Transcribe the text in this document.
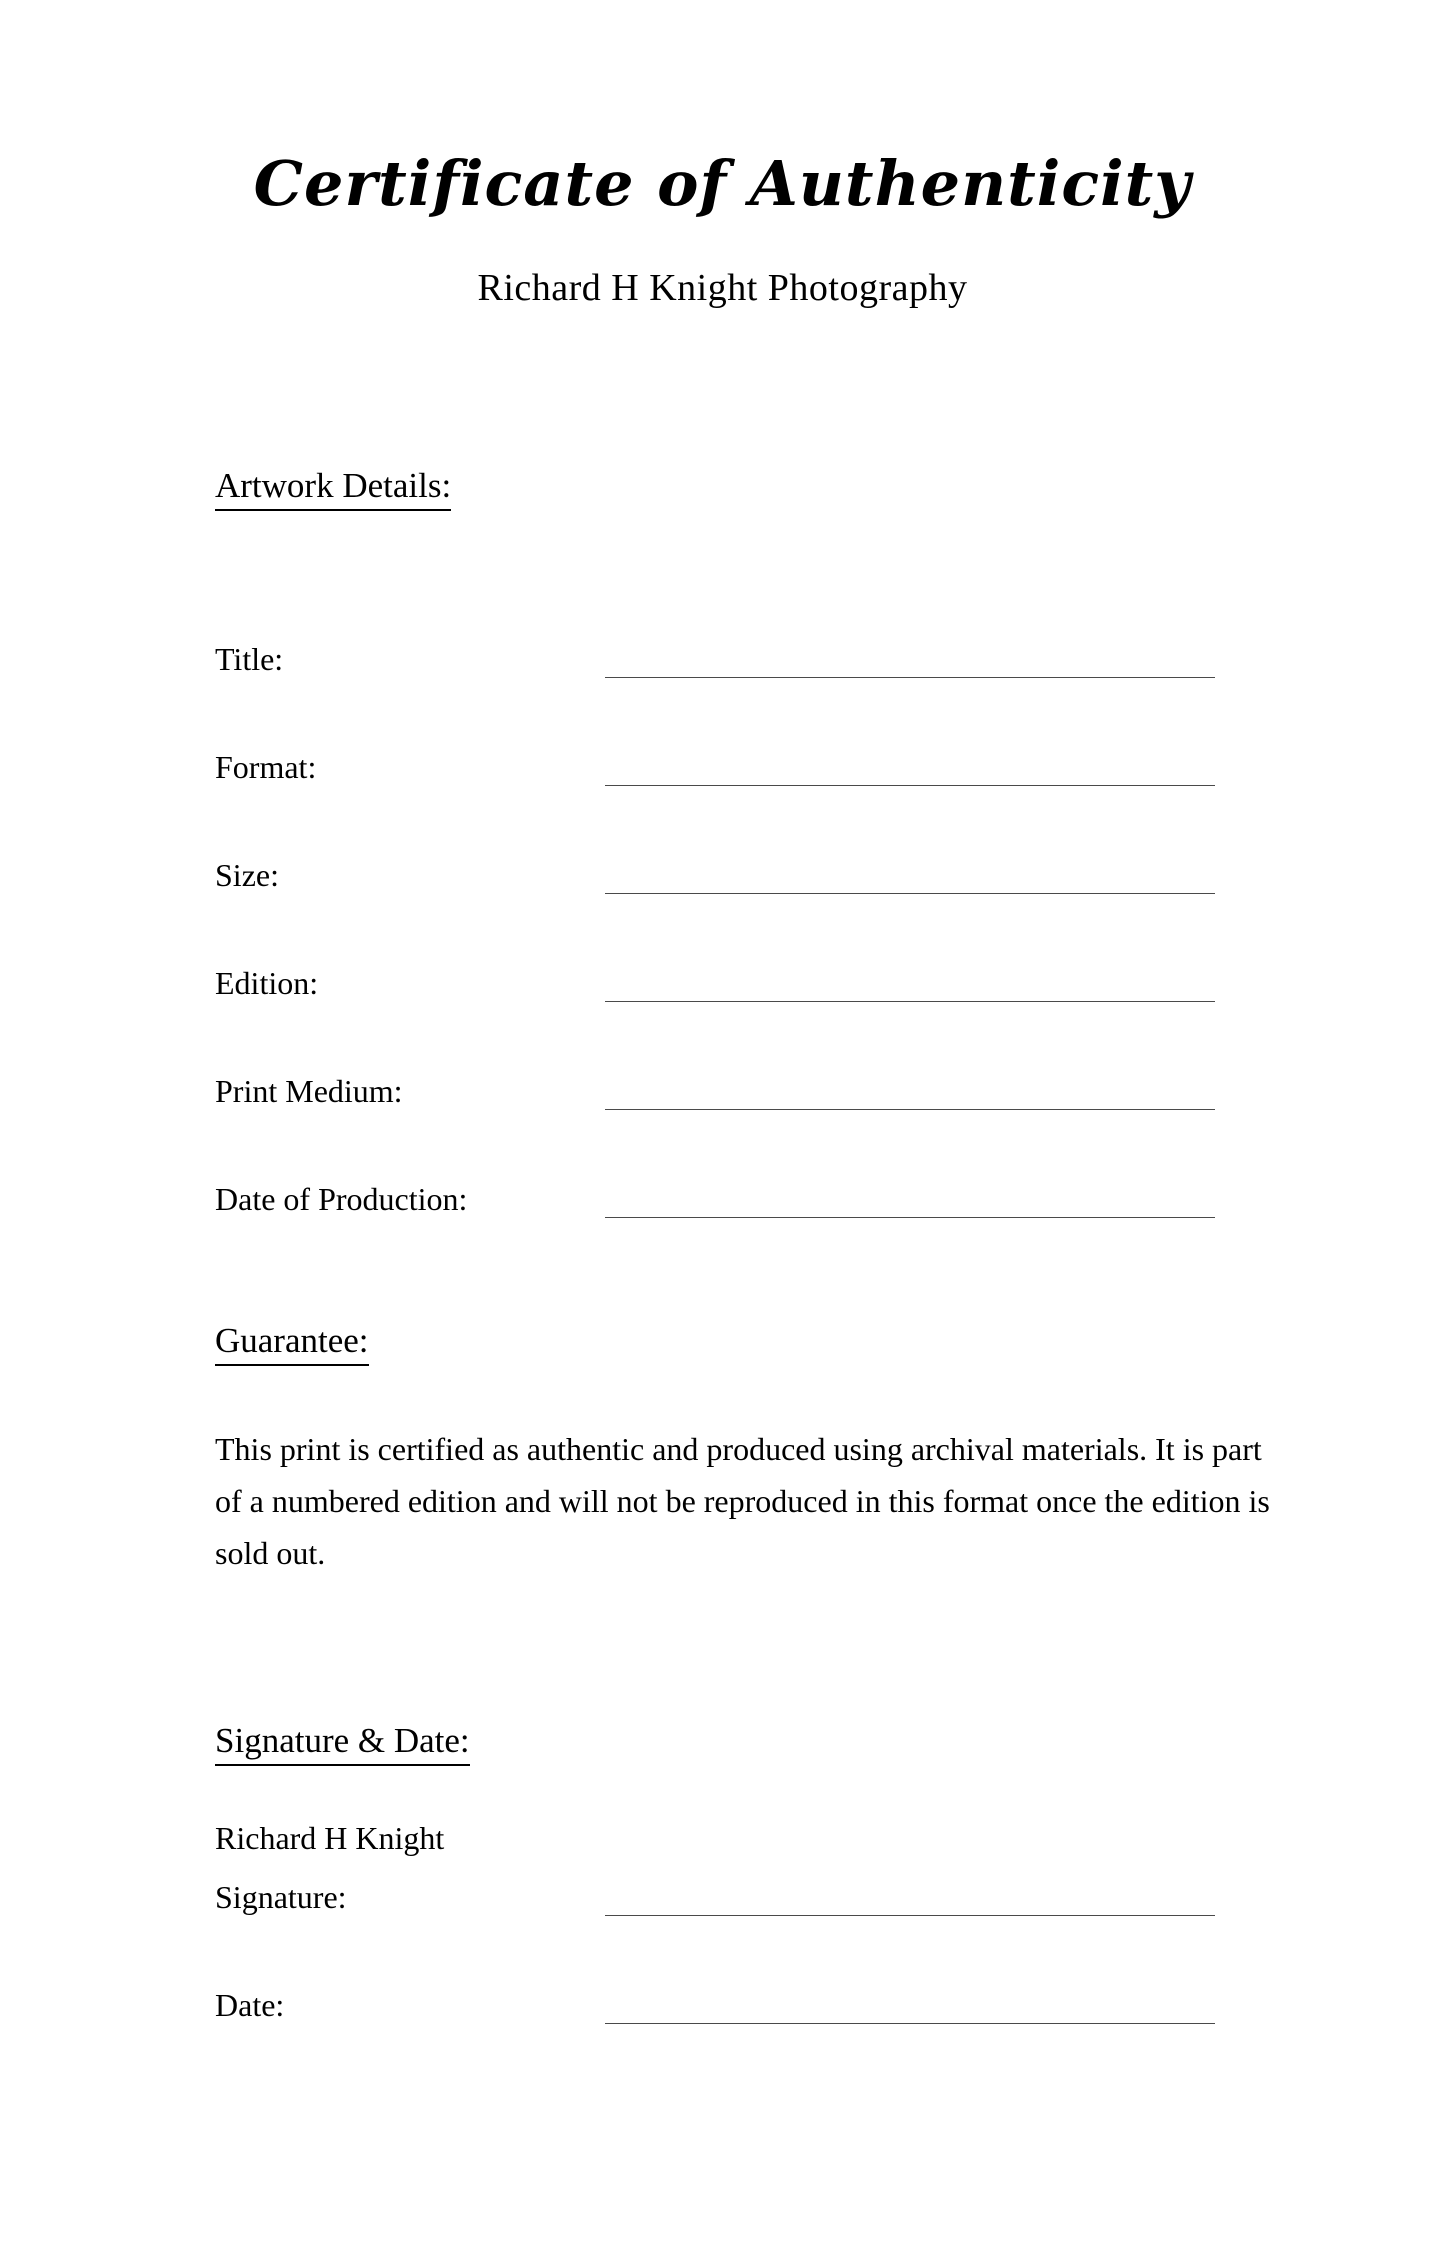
Certificate of Authenticity
Richard H Knight Photography
Artwork Details:
Title:
Format:
Size:
Edition:
Print Medium:
Date of Production:
Guarantee:
This print is certified as authentic and produced using archival materials. It is part of a numbered edition and will not be reproduced in this format once the edition is sold out.
Signature & Date:
Richard H Knight
Signature:
Date:
